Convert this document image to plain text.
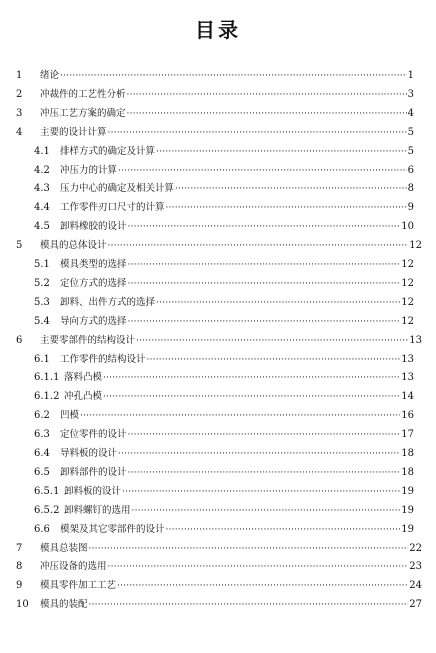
目录
1	绪论 ·····	1
2	冲裁件的工艺性分析 ·····	3
3	冲压工艺方案的确定 ·····	4
4	主要的设计计算 ·····	5
4.1	排样方式的确定及计算 ·····	5
4.2	冲压力的计算 ·····	6
4.3	压力中心的确定及相关计算 ·····	8
4.4	工作零件刃口尺寸的计算 ·····	9
4.5	卸料橡胶的设计 ·····	10
5	模具的总体设计 ·····	12
5.1	模具类型的选择 ·····	12
5.2	定位方式的选择 ·····	12
5.3	卸料、出件方式的选择 ·····	12
5.4	导向方式的选择 ·····	12
6	主要零部件的结构设计 ·····	13
6.1	工作零件的结构设计 ·····	13
6.1.1 落料凸模 ·····	13
6.1.2 冲孔凸模 ·····	14
6.2	凹模 ·····	16
6.3	定位零件的设计 ·····	17
6.4	导料板的设计 ·····	18
6.5	卸料部件的设计 ·····	18
6.5.1 卸料板的设计 ·····	19
6.5.2 卸料螺钉的选用 ·····	19
6.6	模架及其它零部件的设计 ·····	19
7	模具总装图 ·····	22
8	冲压设备的选用 ·····	23
9	模具零件加工工艺 ·····	24
10	模具的装配 ·····	27
